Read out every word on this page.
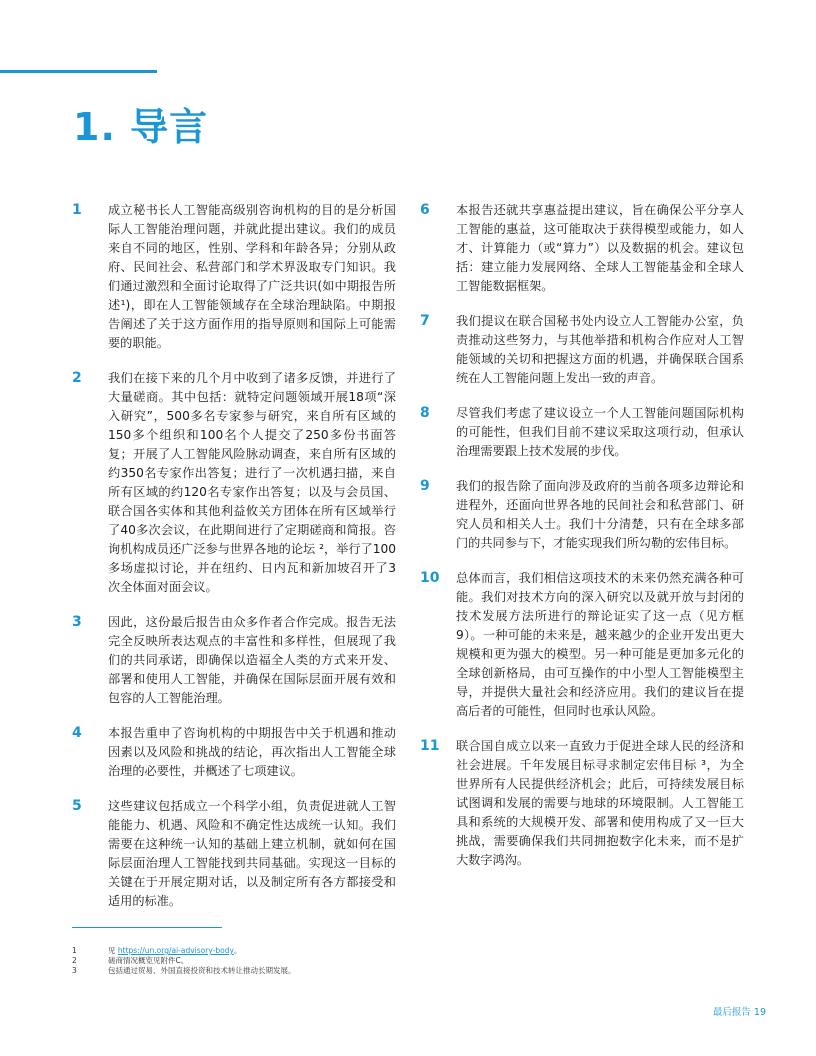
1. 导言
1	成立秘书长人工智能高级别咨询机构的目的是分析国际人工智能治理问题，并就此提出建议。我们的成员来自不同的地区，性别、学科和年龄各异；分别从政府、民间社会、私营部门和学术界汲取专门知识。我们通过激烈和全面讨论取得了广泛共识(如中期报告所述¹)，即在人工智能领域存在全球治理缺陷。中期报告阐述了关于这方面作用的指导原则和国际上可能需要的职能。
2	我们在接下来的几个月中收到了诸多反馈，并进行了大量磋商。其中包括：就特定问题领域开展18项“深入研究”，500多名专家参与研究，来自所有区域的150多个组织和100名个人提交了250多份书面答复；开展了人工智能风险脉动调查，来自所有区域的约350名专家作出答复；进行了一次机遇扫描，来自所有区域的约120名专家作出答复；以及与会员国、联合国各实体和其他利益攸关方团体在所有区域举行了40多次会议，在此期间进行了定期磋商和简报。咨询机构成员还广泛参与世界各地的论坛 ²，举行了100多场虚拟讨论，并在纽约、日内瓦和新加坡召开了3次全体面对面会议。
3	因此，这份最后报告由众多作者合作完成。报告无法完全反映所表达观点的丰富性和多样性，但展现了我们的共同承诺，即确保以造福全人类的方式来开发、部署和使用人工智能，并确保在国际层面开展有效和包容的人工智能治理。
4	本报告重申了咨询机构的中期报告中关于机遇和推动因素以及风险和挑战的结论，再次指出人工智能全球治理的必要性，并概述了七项建议。
5	这些建议包括成立一个科学小组，负责促进就人工智能能力、机遇、风险和不确定性达成统一认知。我们需要在这种统一认知的基础上建立机制，就如何在国际层面治理人工智能找到共同基础。实现这一目标的关键在于开展定期对话，以及制定所有各方都接受和适用的标准。
6	本报告还就共享惠益提出建议，旨在确保公平分享人工智能的惠益，这可能取决于获得模型或能力，如人才、计算能力（或“算力”）以及数据的机会。建议包括：建立能力发展网络、全球人工智能基金和全球人工智能数据框架。
7	我们提议在联合国秘书处内设立人工智能办公室，负责推动这些努力，与其他举措和机构合作应对人工智能领域的关切和把握这方面的机遇，并确保联合国系统在人工智能问题上发出一致的声音。
8	尽管我们考虑了建议设立一个人工智能问题国际机构的可能性，但我们目前不建议采取这项行动，但承认治理需要跟上技术发展的步伐。
9	我们的报告除了面向涉及政府的当前各项多边辩论和进程外，还面向世界各地的民间社会和私营部门、研究人员和相关人士。我们十分清楚，只有在全球多部门的共同参与下，才能实现我们所勾勒的宏伟目标。
10	总体而言，我们相信这项技术的未来仍然充满各种可能。我们对技术方向的深入研究以及就开放与封闭的技术发展方法所进行的辩论证实了这一点（见方框9）。一种可能的未来是，越来越少的企业开发出更大规模和更为强大的模型。另一种可能是更加多元化的全球创新格局，由可互操作的中小型人工智能模型主导，并提供大量社会和经济应用。我们的建议旨在提高后者的可能性，但同时也承认风险。
11	联合国自成立以来一直致力于促进全球人民的经济和社会进展。千年发展目标寻求制定宏伟目标 ³，为全世界所有人民提供经济机会；此后，可持续发展目标试图调和发展的需要与地球的环境限制。人工智能工具和系统的大规模开发、部署和使用构成了又一巨大挑战，需要确保我们共同拥抱数字化未来，而不是扩大数字鸿沟。
1	见 https://un.org/ai-advisory-body。
2	磋商情况概览见附件C。
3	包括通过贸易、外国直接投资和技术转让推动长期发展。
最后报告 19
